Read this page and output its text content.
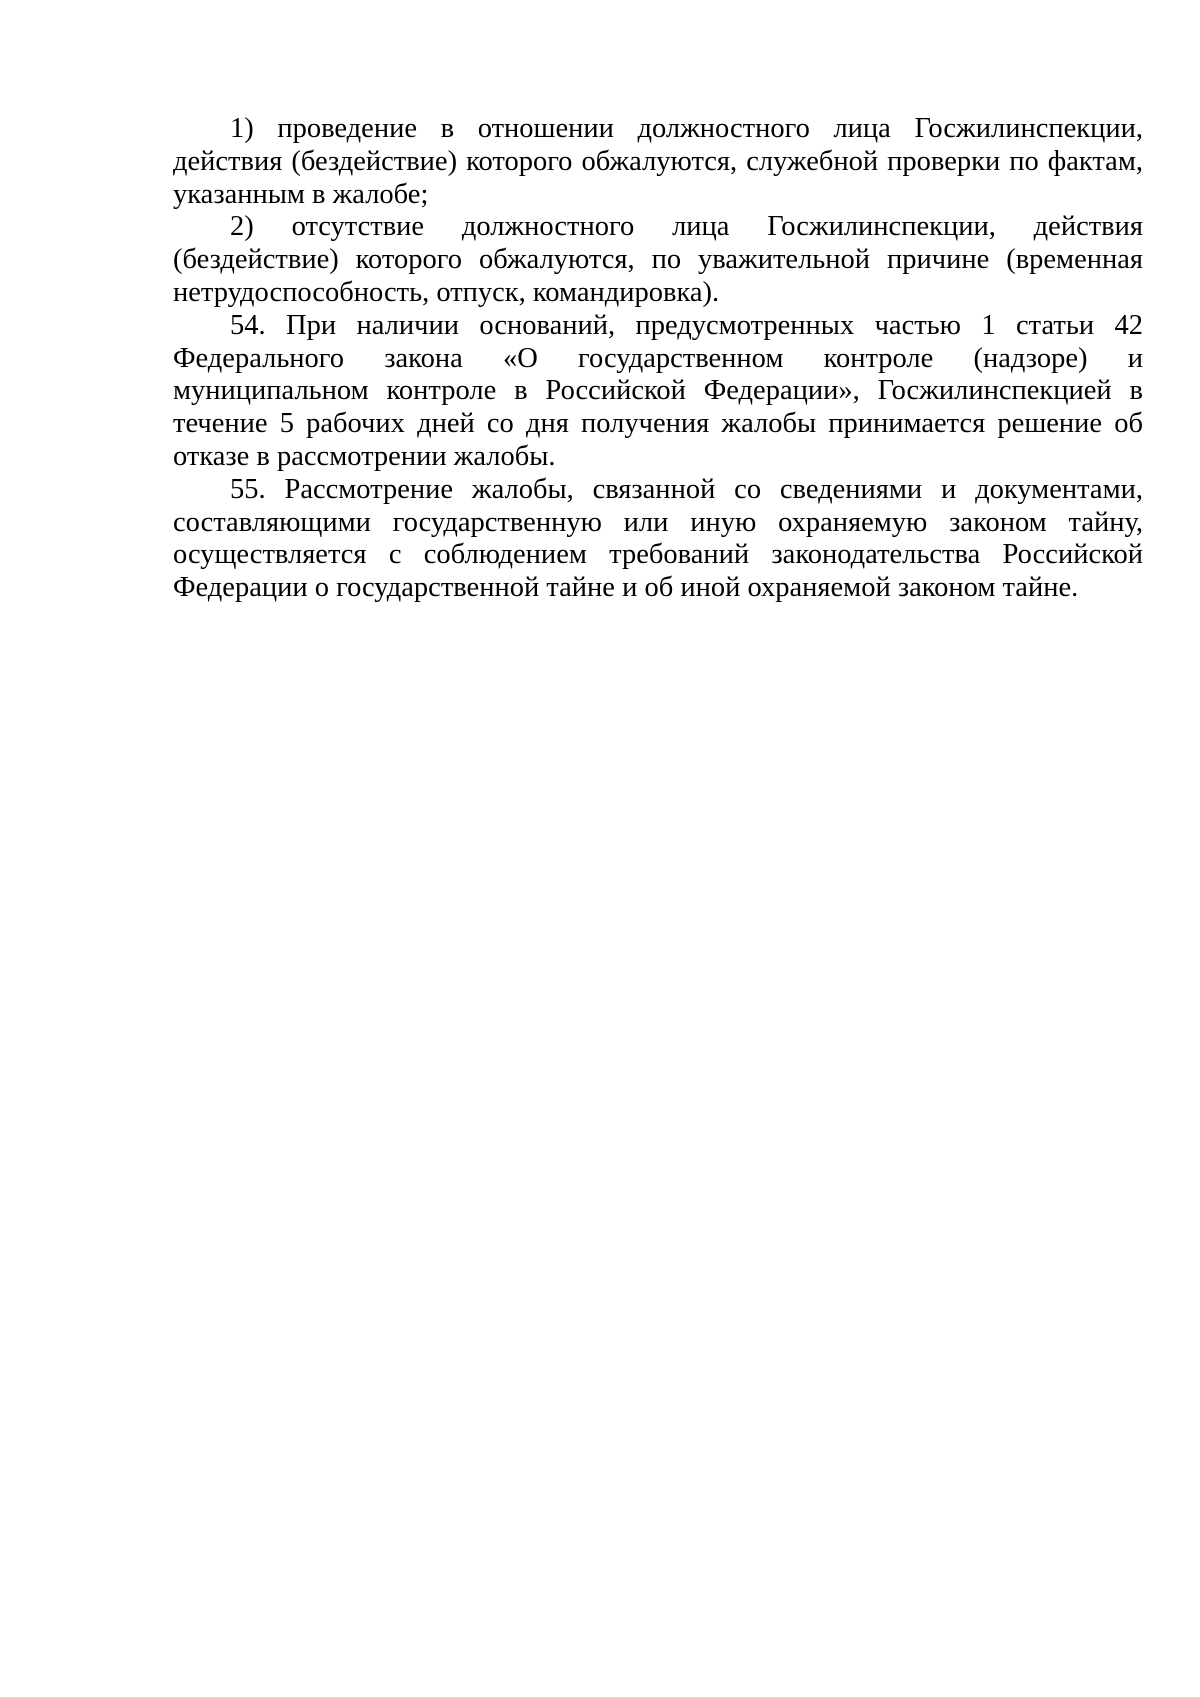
1) проведение в отношении должностного лица Госжилинспекции, действия (бездействие) которого обжалуются, служебной проверки по фактам, указанным в жалобе;

2) отсутствие должностного лица Госжилинспекции, действия (бездействие) которого обжалуются, по уважительной причине (временная нетрудоспособность, отпуск, командировка).

54. При наличии оснований, предусмотренных частью 1 статьи 42 Федерального закона «О государственном контроле (надзоре) и муниципальном контроле в Российской Федерации», Госжилинспекцией в течение 5 рабочих дней со дня получения жалобы принимается решение об отказе в рассмотрении жалобы.

55. Рассмотрение жалобы, связанной со сведениями и документами, составляющими государственную или иную охраняемую законом тайну, осуществляется с соблюдением требований законодательства Российской Федерации о государственной тайне и об иной охраняемой законом тайне.
